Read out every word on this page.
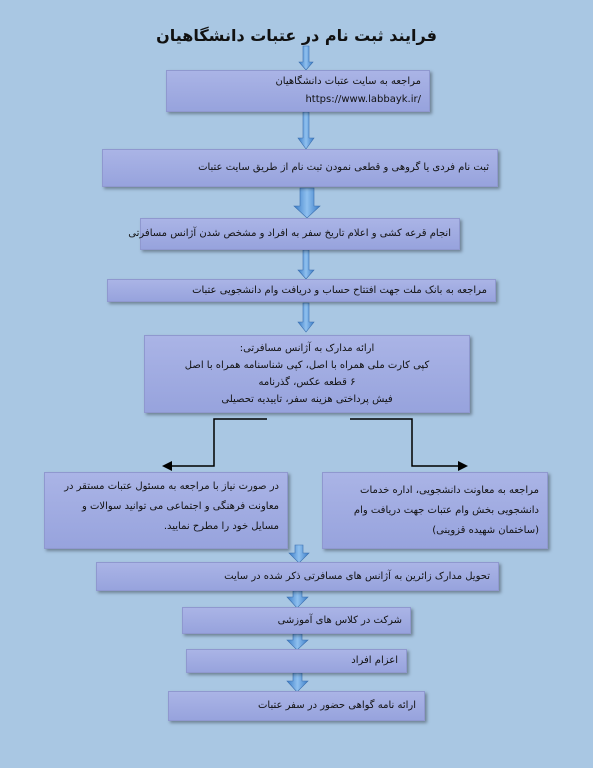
فرایند ثبت نام در عتبات دانشگاهیان
مراجعه به سایت عتبات دانشگاهیان
https://www.labbayk.ir/
ثبت نام فردی یا گروهی و قطعی نمودن ثبت نام از طریق سایت عتبات
انجام قرعه کشی و اعلام تاریخ سفر به افراد و مشخص شدن آژانس مسافرتی
مراجعه به بانک ملت جهت افتتاح حساب و دریافت وام دانشجویی عتبات
ارائه مدارک به آژانس مسافرتی:
کپی کارت ملی همراه با اصل، کپی شناسنامه همراه با اصل
۶ قطعه عکس، گذرنامه
فیش پرداختی هزینه سفر، تاییدیه تحصیلی
در صورت نیاز با مراجعه به مسئول عتبات مستقر در معاونت فرهنگی و اجتماعی می توانید سوالات و مسایل خود را مطرح نمایید.
مراجعه به معاونت دانشجویی، اداره خدمات دانشجویی بخش وام عتبات جهت دریافت وام (ساختمان شهیده قزوینی)
تحویل مدارک زائرین به آژانس های مسافرتی ذکر شده در سایت
شرکت در کلاس های آموزشی
اعزام افراد
ارائه نامه گواهی حضور در سفر عتبات
